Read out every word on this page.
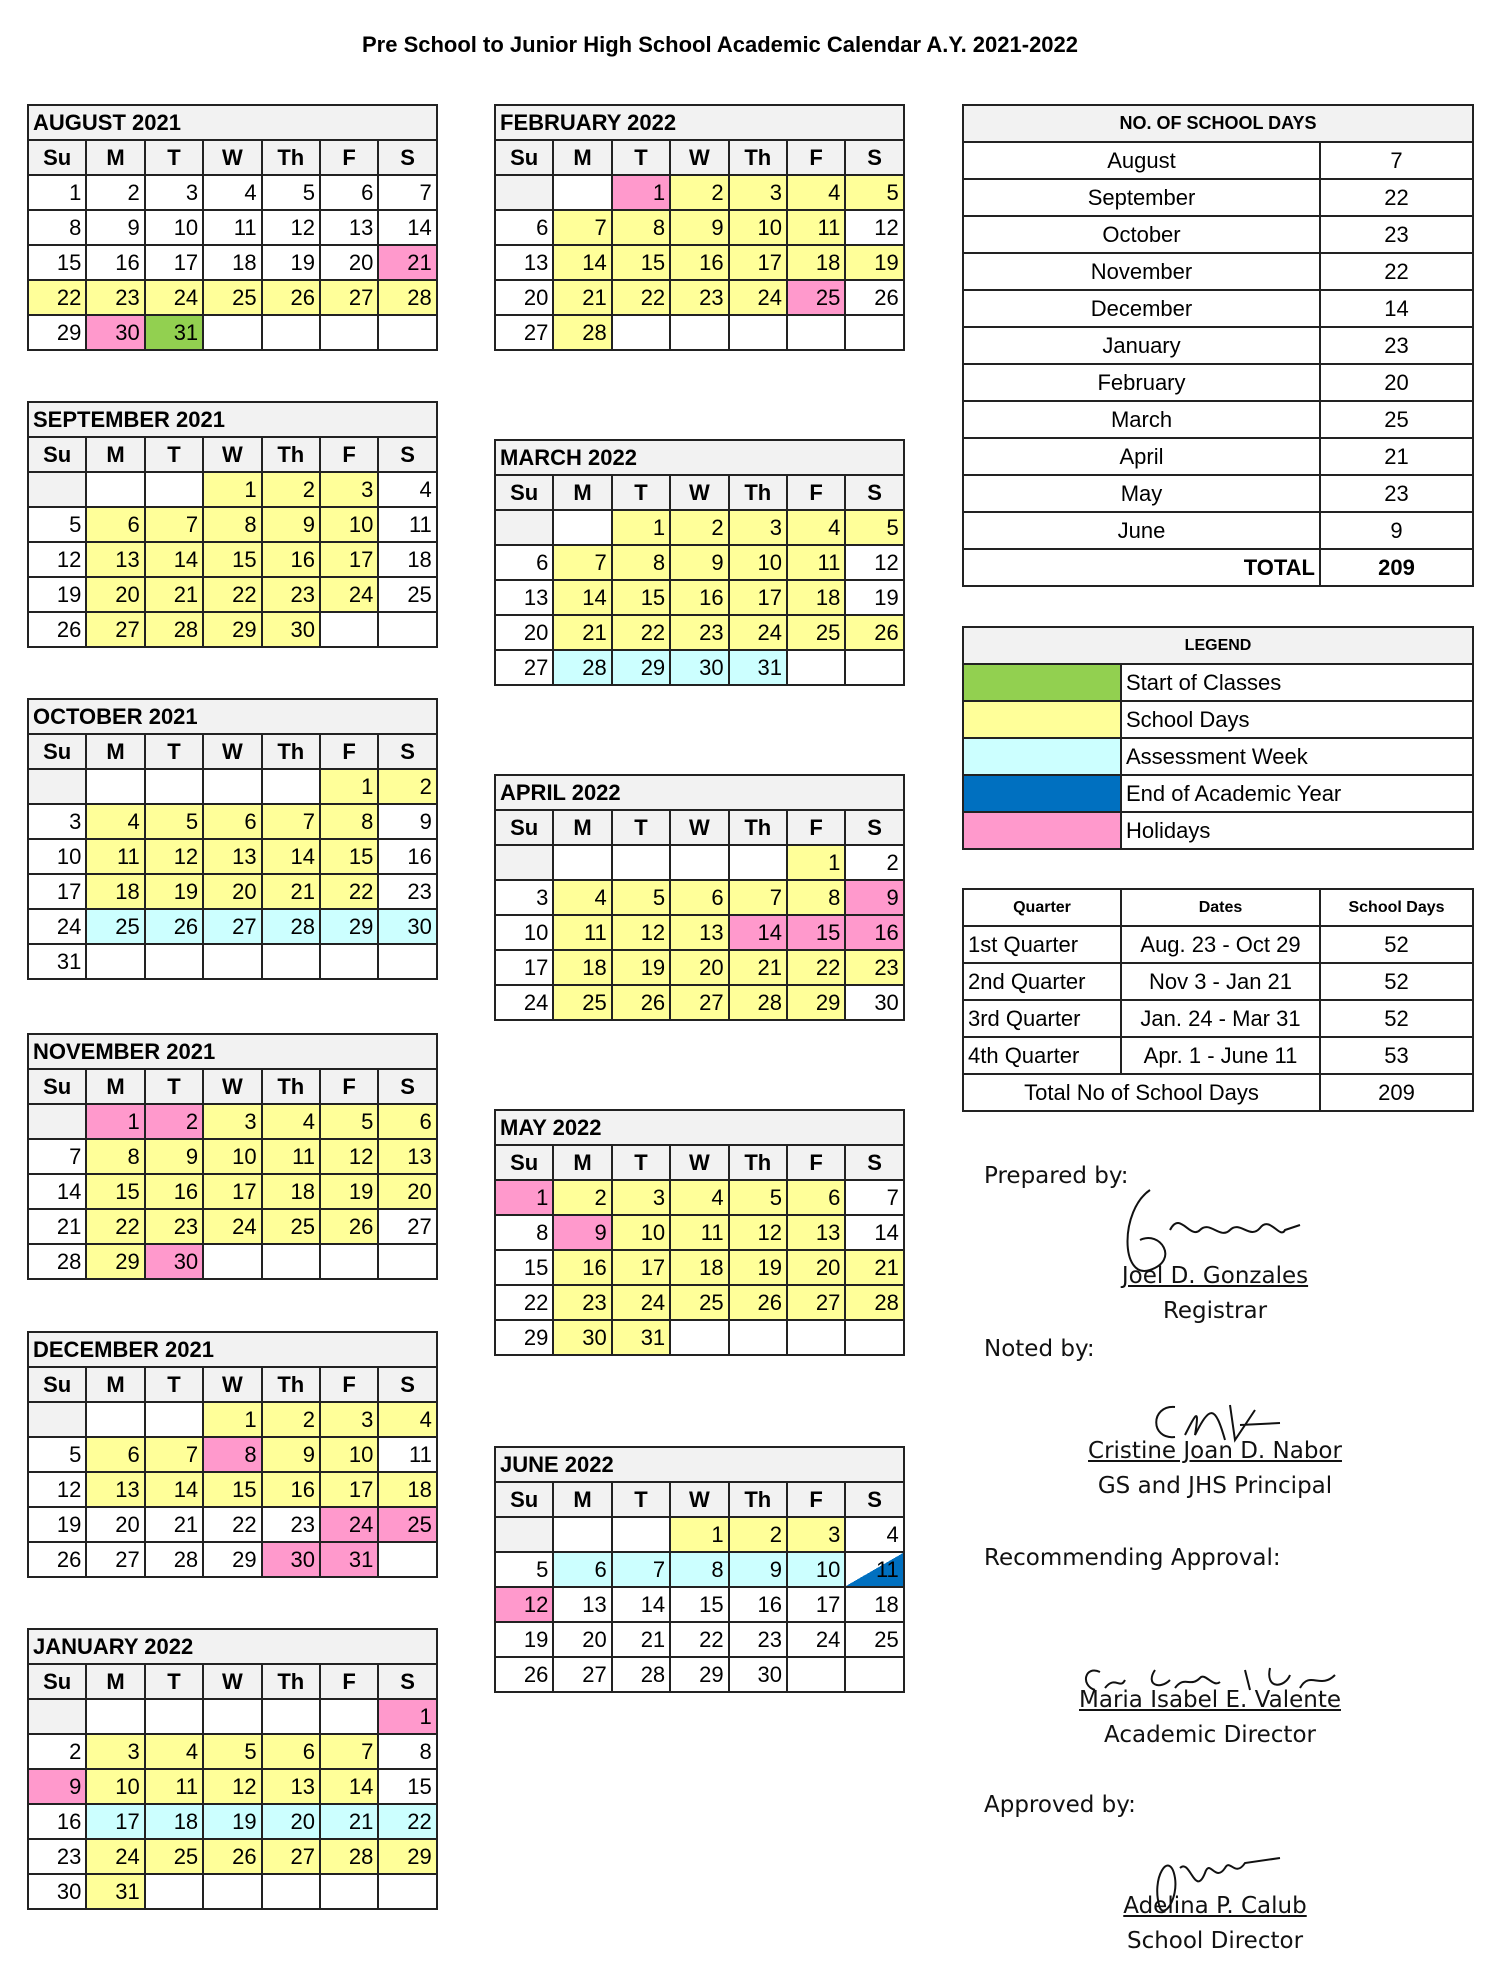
Pre School to Junior High School Academic Calendar A.Y. 2021-2022
AUGUST 2021						
Su	M	T	W	Th	F	S
1	2	3	4	5	6	7
8	9	10	11	12	13	14
15	16	17	18	19	20	21
22	23	24	25	26	27	28
29	30	31				
SEPTEMBER 2021						
Su	M	T	W	Th	F	S
			1	2	3	4
5	6	7	8	9	10	11
12	13	14	15	16	17	18
19	20	21	22	23	24	25
26	27	28	29	30		
OCTOBER 2021						
Su	M	T	W	Th	F	S
					1	2
3	4	5	6	7	8	9
10	11	12	13	14	15	16
17	18	19	20	21	22	23
24	25	26	27	28	29	30
31						
NOVEMBER 2021						
Su	M	T	W	Th	F	S
	1	2	3	4	5	6
7	8	9	10	11	12	13
14	15	16	17	18	19	20
21	22	23	24	25	26	27
28	29	30				
DECEMBER 2021						
Su	M	T	W	Th	F	S
			1	2	3	4
5	6	7	8	9	10	11
12	13	14	15	16	17	18
19	20	21	22	23	24	25
26	27	28	29	30	31	
JANUARY 2022						
Su	M	T	W	Th	F	S
						1
2	3	4	5	6	7	8
9	10	11	12	13	14	15
16	17	18	19	20	21	22
23	24	25	26	27	28	29
30	31					
FEBRUARY 2022						
Su	M	T	W	Th	F	S
		1	2	3	4	5
6	7	8	9	10	11	12
13	14	15	16	17	18	19
20	21	22	23	24	25	26
27	28					
MARCH 2022						
Su	M	T	W	Th	F	S
		1	2	3	4	5
6	7	8	9	10	11	12
13	14	15	16	17	18	19
20	21	22	23	24	25	26
27	28	29	30	31		
APRIL 2022						
Su	M	T	W	Th	F	S
					1	2
3	4	5	6	7	8	9
10	11	12	13	14	15	16
17	18	19	20	21	22	23
24	25	26	27	28	29	30
MAY 2022						
Su	M	T	W	Th	F	S
1	2	3	4	5	6	7
8	9	10	11	12	13	14
15	16	17	18	19	20	21
22	23	24	25	26	27	28
29	30	31				
JUNE 2022						
Su	M	T	W	Th	F	S
			1	2	3	4
5	6	7	8	9	10	11
12	13	14	15	16	17	18
19	20	21	22	23	24	25
26	27	28	29	30		
NO. OF SCHOOL DAYS	
August	7
September	22
October	23
November	22
December	14
January	23
February	20
March	25
April	21
May	23
June	9
TOTAL	209
LEGEND	
	Start of Classes
	School Days
	Assessment Week
	End of Academic Year
	Holidays
Quarter	Dates	School Days
1st Quarter	Aug. 23 - Oct 29	52
2nd Quarter	Nov 3 - Jan 21	52
3rd Quarter	Jan. 24 - Mar 31	52
4th Quarter	Apr. 1 - June 11	53
Total No of School Days		209
Prepared by:
Joel D. Gonzales
Registrar
Noted by:
Cristine Joan D. Nabor
GS and JHS Principal
Recommending Approval:
Maria Isabel E. Valente
Academic Director
Approved by:
Adelina P. Calub
School Director
